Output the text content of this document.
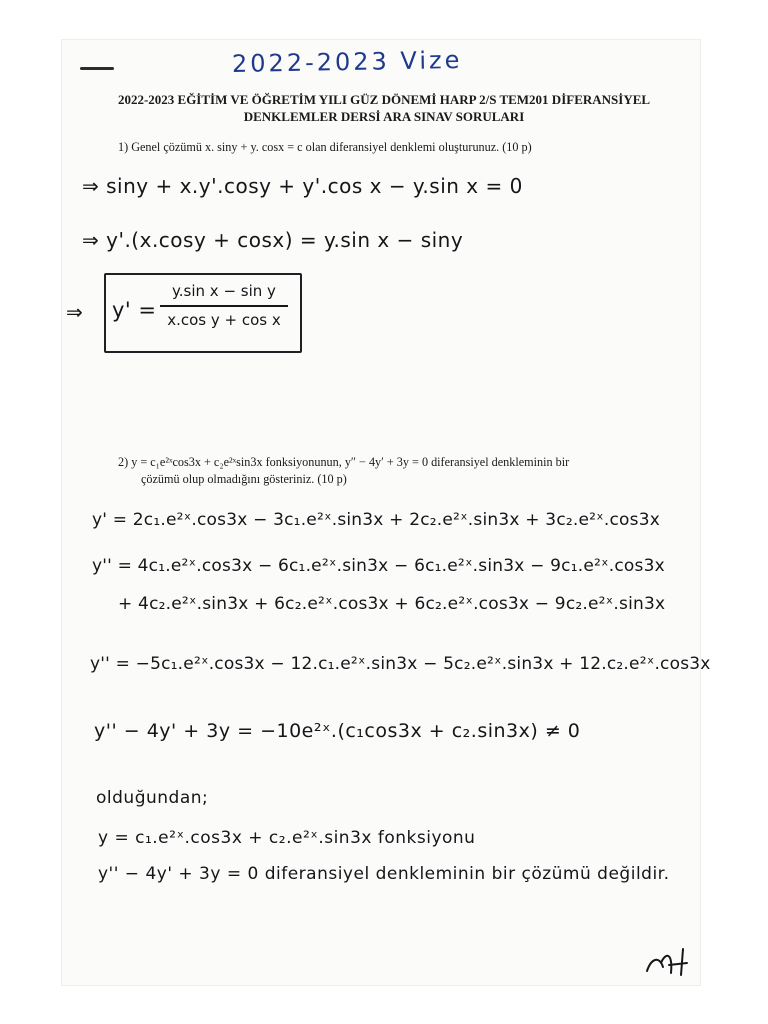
2022-2023 Vize
2022-2023 EĞİTİM VE ÖĞRETİM YILI GÜZ DÖNEMİ HARP 2/S TEM201 DİFERANSİYEL
DENKLEMLER DERSİ ARA SINAV SORULARI
1) Genel çözümü x. siny + y. cosx = c olan diferansiyel denklemi oluşturunuz. (10 p)
⇒ siny + x.y'.cosy + y'.cos x − y.sin x = 0
⇒ y'.(x.cosy + cosx) = y.sin x − siny
⇒ y' =
y.sin x − sin y
x.cos y + cos x
2) y = c₁e²ˣcos3x + c₂e²ˣsin3x fonksiyonunun, y″ − 4y′ + 3y = 0 diferansiyel denkleminin bir
çözümü olup olmadığını gösteriniz. (10 p)
y' = 2c₁.e²ˣ.cos3x − 3c₁.e²ˣ.sin3x + 2c₂.e²ˣ.sin3x + 3c₂.e²ˣ.cos3x
y'' = 4c₁.e²ˣ.cos3x − 6c₁.e²ˣ.sin3x − 6c₁.e²ˣ.sin3x − 9c₁.e²ˣ.cos3x
+ 4c₂.e²ˣ.sin3x + 6c₂.e²ˣ.cos3x + 6c₂.e²ˣ.cos3x − 9c₂.e²ˣ.sin3x
y'' = −5c₁.e²ˣ.cos3x − 12.c₁.e²ˣ.sin3x − 5c₂.e²ˣ.sin3x + 12.c₂.e²ˣ.cos3x
y'' − 4y' + 3y = −10e²ˣ.(c₁cos3x + c₂.sin3x) ≠ 0
olduğundan;
y = c₁.e²ˣ.cos3x + c₂.e²ˣ.sin3x fonksiyonu
y'' − 4y' + 3y = 0 diferansiyel denkleminin bir çözümü değildir.
